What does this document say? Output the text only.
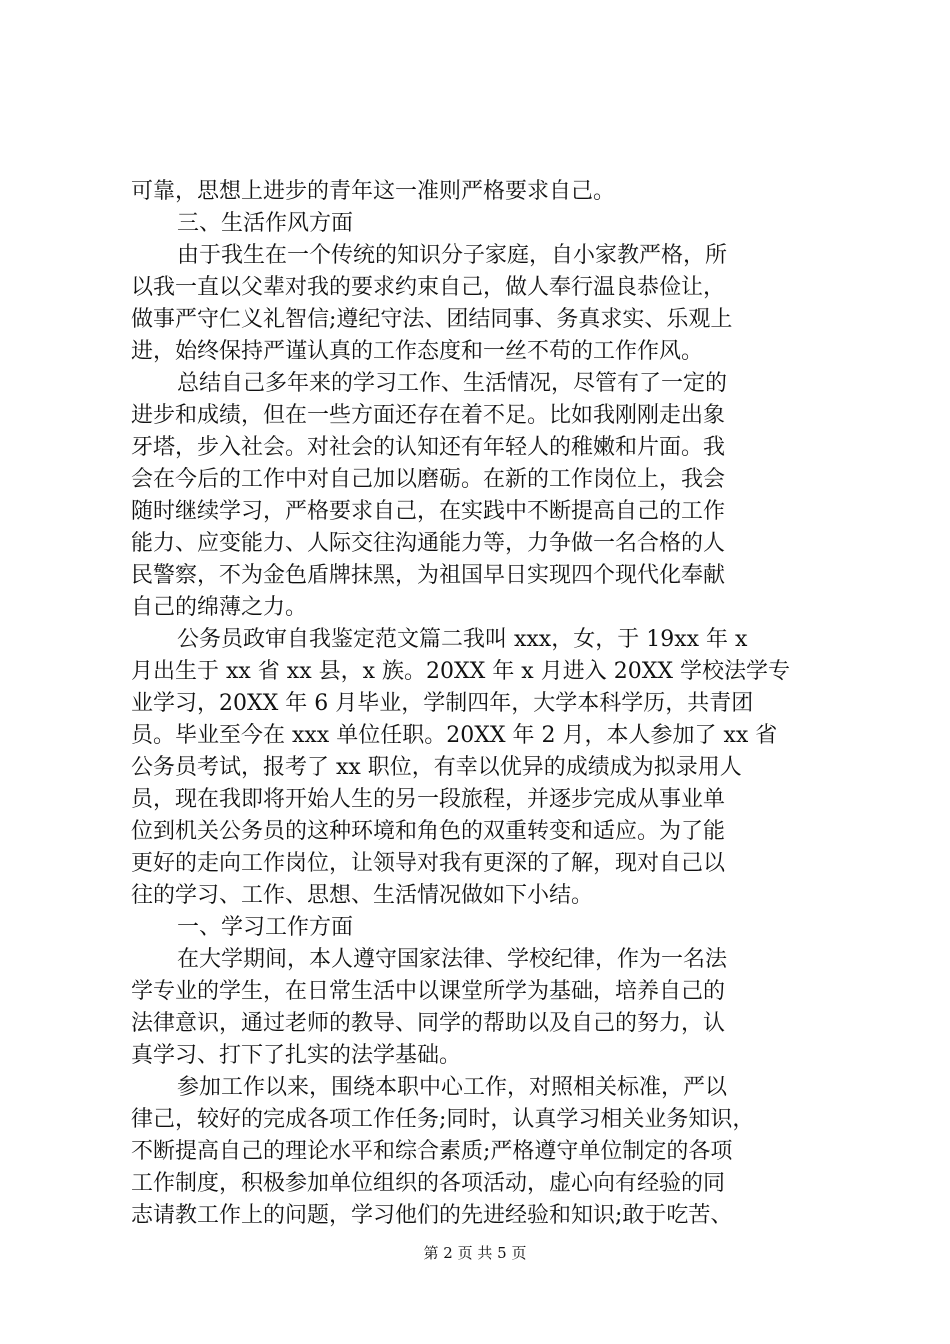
可靠，思想上进步的青年这一准则严格要求自己。
三、生活作风方面
由于我生在一个传统的知识分子家庭，自小家教严格，所
以我一直以父辈对我的要求约束自己，做人奉行温良恭俭让，
做事严守仁义礼智信;遵纪守法、团结同事、务真求实、乐观上
进，始终保持严谨认真的工作态度和一丝不苟的工作作风。
总结自己多年来的学习工作、生活情况，尽管有了一定的
进步和成绩，但在一些方面还存在着不足。比如我刚刚走出象
牙塔，步入社会。对社会的认知还有年轻人的稚嫩和片面。我
会在今后的工作中对自己加以磨砺。在新的工作岗位上，我会
随时继续学习，严格要求自己，在实践中不断提高自己的工作
能力、应变能力、人际交往沟通能力等，力争做一名合格的人
民警察，不为金色盾牌抹黑，为祖国早日实现四个现代化奉献
自己的绵薄之力。
公务员政审自我鉴定范文篇二我叫 xxx，女，于 19xx 年 x
月出生于 xx 省 xx 县，x 族。20XX 年 x 月进入 20XX 学校法学专
业学习，20XX 年 6 月毕业，学制四年，大学本科学历，共青团
员。毕业至今在 xxx 单位任职。20XX 年 2 月，本人参加了 xx 省
公务员考试，报考了 xx 职位，有幸以优异的成绩成为拟录用人
员，现在我即将开始人生的另一段旅程，并逐步完成从事业单
位到机关公务员的这种环境和角色的双重转变和适应。为了能
更好的走向工作岗位，让领导对我有更深的了解，现对自己以
往的学习、工作、思想、生活情况做如下小结。
一、学习工作方面
在大学期间，本人遵守国家法律、学校纪律，作为一名法
学专业的学生，在日常生活中以课堂所学为基础，培养自己的
法律意识，通过老师的教导、同学的帮助以及自己的努力，认
真学习、打下了扎实的法学基础。
参加工作以来，围绕本职中心工作，对照相关标准，严以
律己，较好的完成各项工作任务;同时，认真学习相关业务知识，
不断提高自己的理论水平和综合素质;严格遵守单位制定的各项
工作制度，积极参加单位组织的各项活动，虚心向有经验的同
志请教工作上的问题，学习他们的先进经验和知识;敢于吃苦、
第 2 页 共 5 页
